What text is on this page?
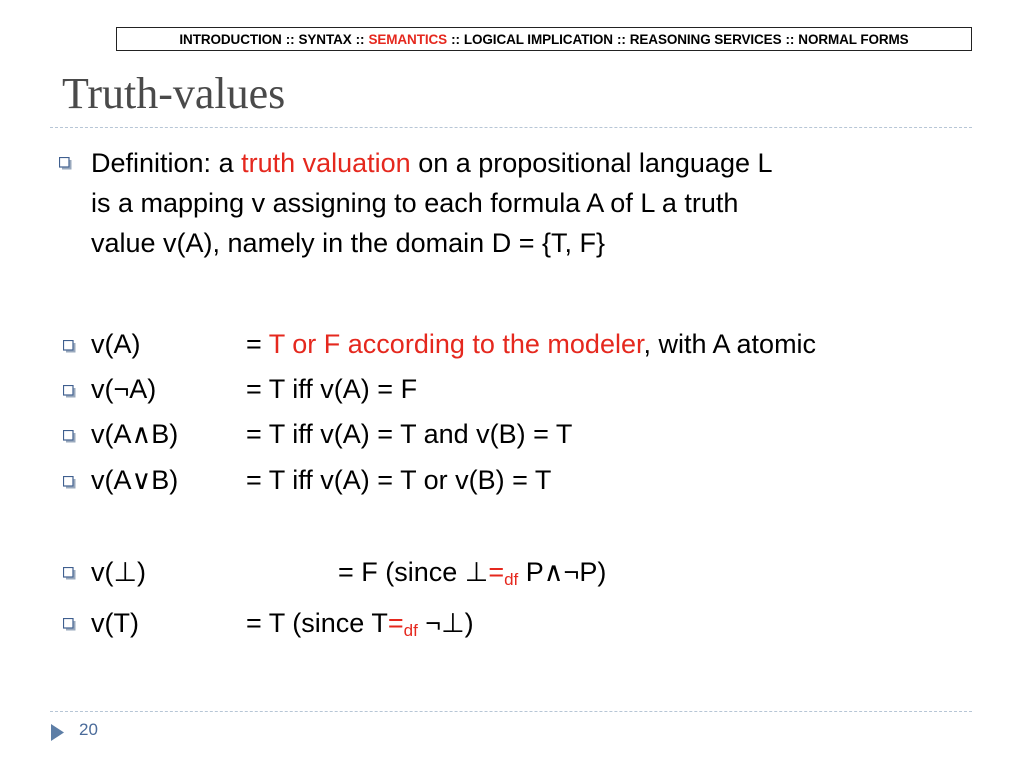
INTRODUCTION :: SYNTAX :: SEMANTICS :: LOGICAL IMPLICATION :: REASONING SERVICES :: NORMAL FORMS
Truth-values
Definition: a truth valuation on a propositional language L
is a mapping v assigning to each formula A of L a truth
value v(A), namely in the domain D = {T, F}
v(A)	= T or F according to the modeler, with A atomic
v(¬A)	= T iff v(A) = F
v(A∧B)	= T iff v(A) = T and v(B) = T
v(A∨B)	= T iff v(A) = T or v(B) = T
v(⊥)	= F (since $\perp=_{df}$ P∧¬P)
v(T)	= T (since $T=_{df}$ ¬⊥)
20
